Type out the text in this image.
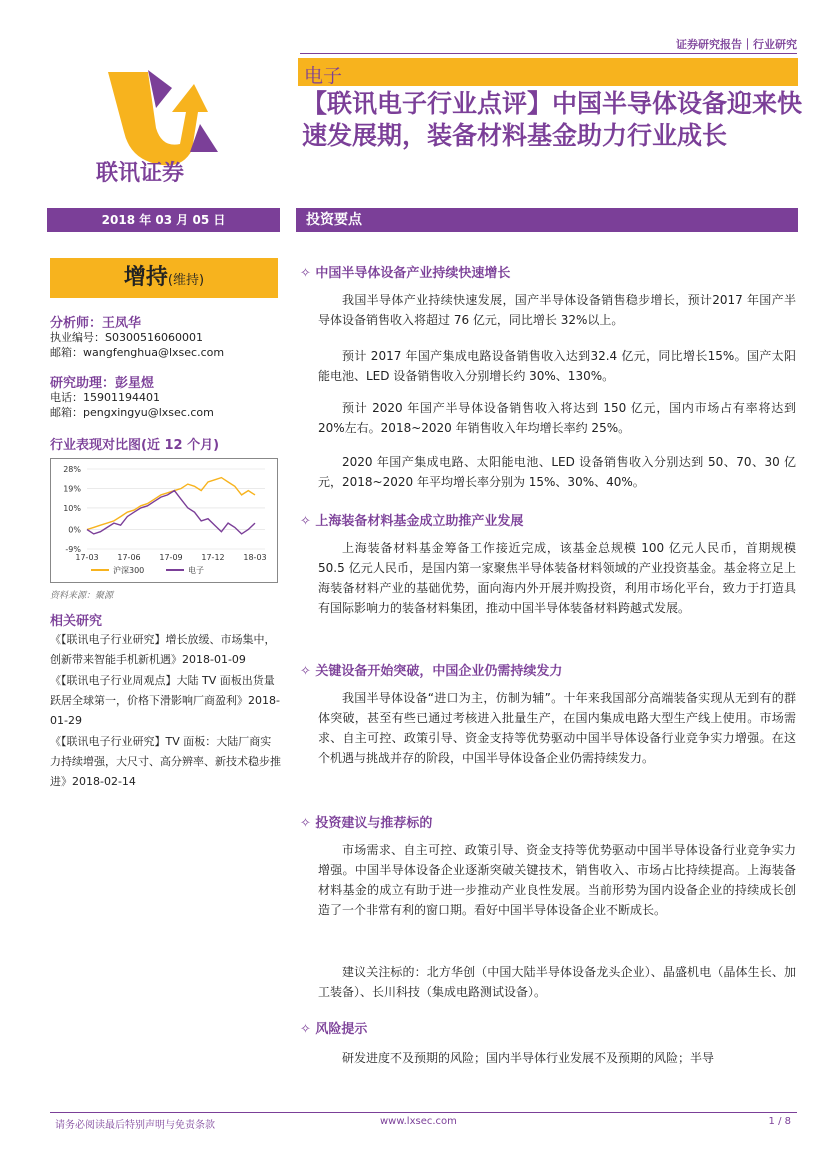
证券研究报告｜行业研究
联讯证券
电子
【联讯电子行业点评】中国半导体设备迎来快速发展期，装备材料基金助力行业成长
2018 年 03 月 05 日	投资要点
增持(维持)
分析师：王凤华
执业编号：S0300516060001
邮箱：wangfenghua@lxsec.com
研究助理：彭星煜
电话：15901194401
邮箱：pengxingyu@lxsec.com
行业表现对比图(近 12 个月)
28%
19%
10%
0%
-9%
17-03 17-06 17-09 17-12 18-03
沪深300	电子
资料来源：聚源
相关研究

《【联讯电子行业研究】增长放缓、市场集中，创新带来智能手机新机遇》2018-01-09

《【联讯电子行业周观点】大陆 TV 面板出货量跃居全球第一，价格下滑影响厂商盈利》2018-01-29

《【联讯电子行业研究】TV 面板：大陆厂商实力持续增强，大尺寸、高分辨率、新技术稳步推进》2018-02-14

✧ 中国半导体设备产业持续快速增长
我国半导体产业持续快速发展，国产半导体设备销售稳步增长，预计2017 年国产半导体设备销售收入将超过 76 亿元，同比增长 32%以上。
预计 2017 年国产集成电路设备销售收入达到32.4 亿元，同比增长15%。国产太阳能电池、LED 设备销售收入分别增长约 30%、130%。
预计 2020 年国产半导体设备销售收入将达到 150 亿元，国内市场占有率将达到 20%左右。2018~2020 年销售收入年均增长率约 25%。
2020 年国产集成电路、太阳能电池、LED 设备销售收入分别达到 50、70、30 亿元，2018~2020 年平均增长率分别为 15%、30%、40%。
✧ 上海装备材料基金成立助推产业发展
上海装备材料基金筹备工作接近完成，该基金总规模 100 亿元人民币，首期规模 50.5 亿元人民币，是国内第一家聚焦半导体装备材料领域的产业投资基金。基金将立足上海装备材料产业的基础优势，面向海内外开展并购投资，利用市场化平台，致力于打造具有国际影响力的装备材料集团，推动中国半导体装备材料跨越式发展。
✧ 关键设备开始突破，中国企业仍需持续发力
我国半导体设备“进口为主，仿制为辅”。十年来我国部分高端装备实现从无到有的群体突破，甚至有些已通过考核进入批量生产，在国内集成电路大型生产线上使用。市场需求、自主可控、政策引导、资金支持等优势驱动中国半导体设备行业竞争实力增强。在这个机遇与挑战并存的阶段，中国半导体设备企业仍需持续发力。
✧ 投资建议与推荐标的
市场需求、自主可控、政策引导、资金支持等优势驱动中国半导体设备行业竞争实力增强。中国半导体设备企业逐渐突破关键技术，销售收入、市场占比持续提高。上海装备材料基金的成立有助于进一步推动产业良性发展。当前形势为国内设备企业的持续成长创造了一个非常有利的窗口期。看好中国半导体设备企业不断成长。
建议关注标的：北方华创（中国大陆半导体设备龙头企业）、晶盛机电（晶体生长、加工装备）、长川科技（集成电路测试设备）。
✧ 风险提示
研发进度不及预期的风险；国内半导体行业发展不及预期的风险；半导
请务必阅读最后特别声明与免责条款	www.lxsec.com	1 / 8
